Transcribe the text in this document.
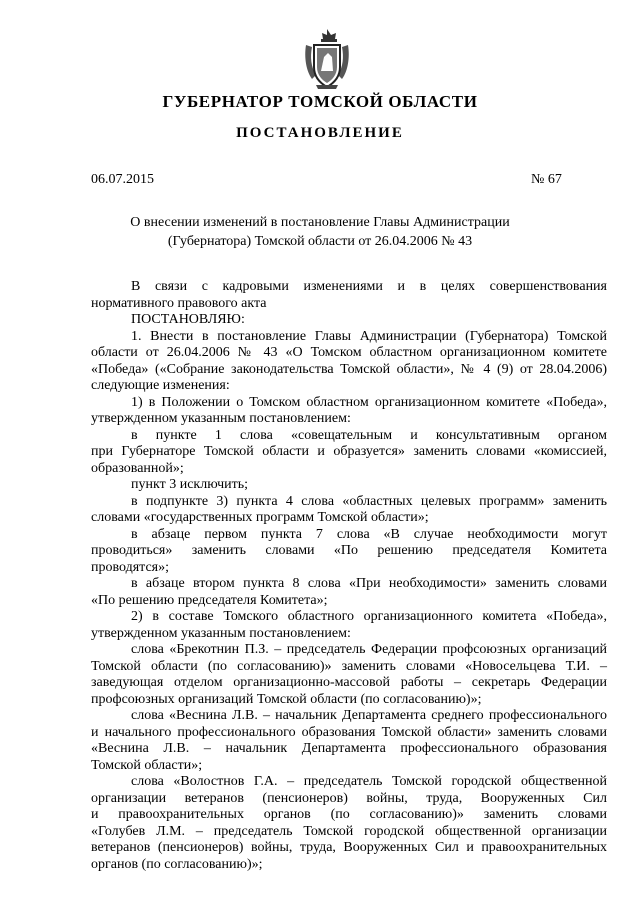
ГУБЕРНАТОР ТОМСКОЙ ОБЛАСТИ
ПОСТАНОВЛЕНИЕ
06.07.2015	№ 67
О внесении изменений в постановление Главы Администрации
(Губернатора) Томской области от 26.04.2006 № 43
В связи с кадровыми изменениями и в целях совершенствования
нормативного правового акта
ПОСТАНОВЛЯЮ:
1. Внести в постановление Главы Администрации (Губернатора) Томской
области от 26.04.2006 № 43 «О Томском областном организационном комитете
«Победа» («Собрание законодательства Томской области», № 4 (9) от 28.04.2006)
следующие изменения:
1) в Положении о Томском областном организационном комитете «Победа»,
утвержденном указанным постановлением:
в пункте 1 слова «совещательным и консультативным органом
при Губернаторе Томской области и образуется» заменить словами «комиссией,
образованной»;
пункт 3 исключить;
в подпункте 3) пункта 4 слова «областных целевых программ» заменить
словами «государственных программ Томской области»;
в абзаце первом пункта 7 слова «В случае необходимости могут
проводиться» заменить словами «По решению председателя Комитета
проводятся»;
в абзаце втором пункта 8 слова «При необходимости» заменить словами
«По решению председателя Комитета»;
2) в составе Томского областного организационного комитета «Победа»,
утвержденном указанным постановлением:
слова «Брекотнин П.З. – председатель Федерации профсоюзных организаций
Томской области (по согласованию)» заменить словами «Новосельцева Т.И. –
заведующая отделом организационно-массовой работы – секретарь Федерации
профсоюзных организаций Томской области (по согласованию)»;
слова «Веснина Л.В. – начальник Департамента среднего профессионального
и начального профессионального образования Томской области» заменить словами
«Веснина Л.В. – начальник Департамента профессионального образования
Томской области»;
слова «Волостнов Г.А. – председатель Томской городской общественной
организации ветеранов (пенсионеров) войны, труда, Вооруженных Сил
и правоохранительных органов (по согласованию)» заменить словами
«Голубев Л.М. – председатель Томской городской общественной организации
ветеранов (пенсионеров) войны, труда, Вооруженных Сил и правоохранительных
органов (по согласованию)»;
